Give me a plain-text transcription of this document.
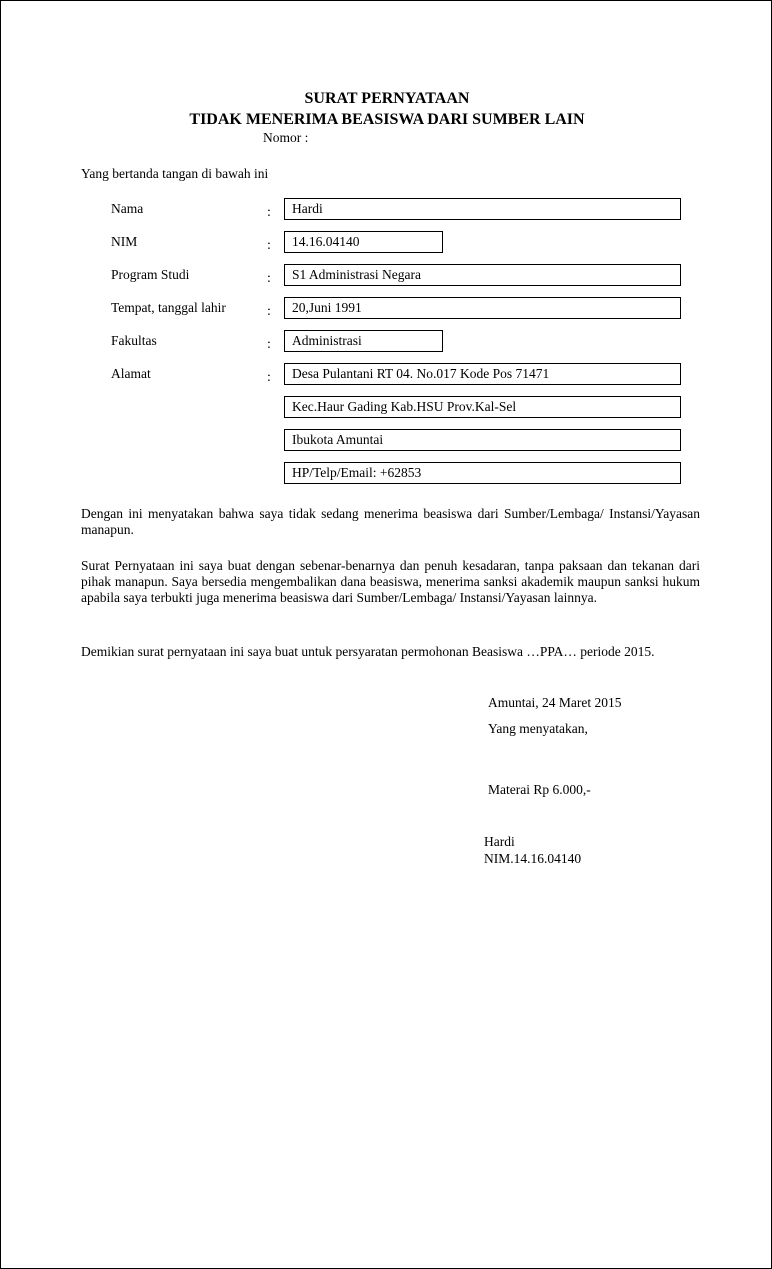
SURAT PERNYATAAN
TIDAK MENERIMA BEASISWA DARI SUMBER LAIN
Nomor :
Yang bertanda tangan di bawah ini
Nama	:	Hardi
NIM	:	14.16.04140
Program Studi	:	S1 Administrasi Negara
Tempat, tanggal lahir	:	20,Juni 1991
Fakultas	:	Administrasi
Alamat	:	Desa Pulantani RT 04. No.017 Kode Pos 71471
Kec.Haur Gading Kab.HSU Prov.Kal-Sel
Ibukota Amuntai
HP/Telp/Email: +62853

Dengan ini menyatakan bahwa saya tidak sedang menerima beasiswa dari Sumber/Lembaga/ Instansi/Yayasan manapun.

Surat Pernyataan ini saya buat dengan sebenar-benarnya dan penuh kesadaran, tanpa paksaan dan tekanan dari pihak manapun. Saya bersedia mengembalikan dana beasiswa, menerima sanksi akademik maupun sanksi hukum apabila saya terbukti juga menerima beasiswa dari Sumber/Lembaga/ Instansi/Yayasan lainnya.

Demikian surat pernyataan ini saya buat untuk persyaratan permohonan Beasiswa …PPA… periode 2015.

Amuntai, 24 Maret 2015
Yang menyatakan,
Materai Rp 6.000,-
Hardi
NIM.14.16.04140
